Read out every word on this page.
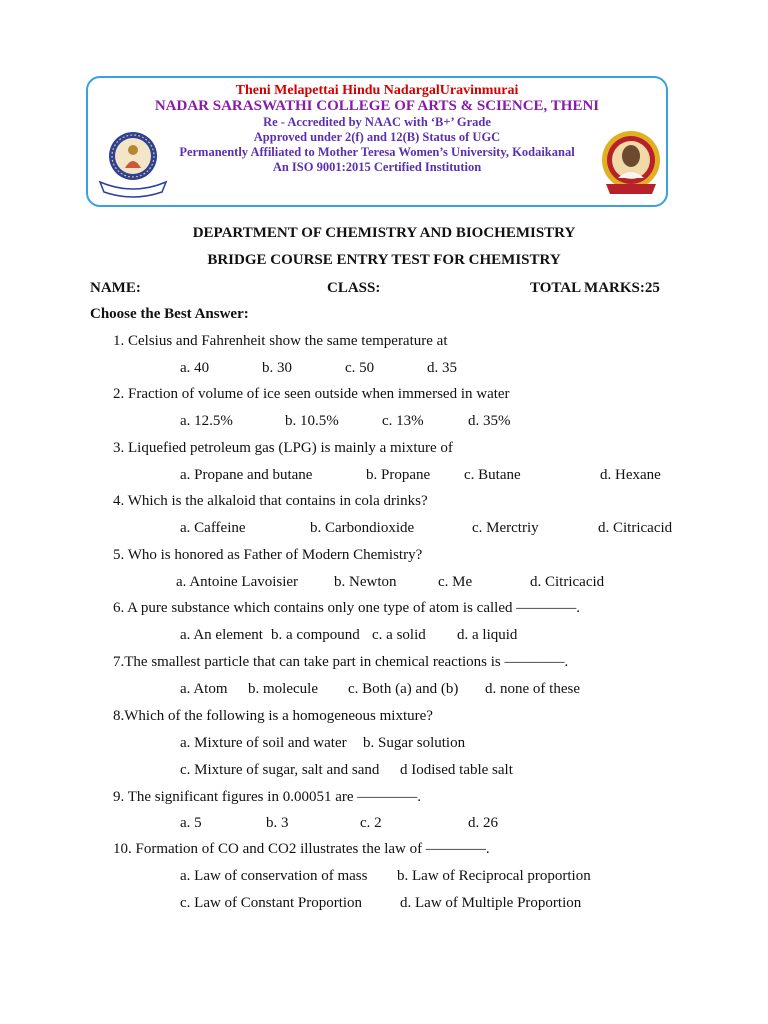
Theni Melapettai Hindu NadargalUravinmurai
NADAR SARASWATHI COLLEGE OF ARTS & SCIENCE, THENI
Re - Accredited by NAAC with ‘B+’ Grade
Approved under 2(f) and 12(B) Status of UGC
Permanently Affiliated to Mother Teresa Women’s University, Kodaikanal
An ISO 9001:2015 Certified Institution
DEPARTMENT OF CHEMISTRY AND BIOCHEMISTRY
BRIDGE COURSE ENTRY TEST FOR CHEMISTRY
NAME:	CLASS:	TOTAL MARKS:25
Choose the Best Answer:
1. Celsius and Fahrenheit show the same temperature at
a. 40	b. 30	c. 50	d. 35
2. Fraction of volume of ice seen outside when immersed in water
a. 12.5%	b. 10.5%	c. 13%	d. 35%
3. Liquefied petroleum gas (LPG) is mainly a mixture of
a. Propane and butane	b. Propane c. Butane	d. Hexane
4. Which is the alkaloid that contains in cola drinks?
a. Caffeine	b. Carbondioxide	c. Merctriy	d. Citricacid
5. Who is honored as Father of Modern Chemistry?
a. Antoine Lavoisier b. Newton	c. Me	d. Citricacid
6. A pure substance which contains only one type of atom is called ————.
a. An element b. a compound c. a solid d. a liquid
7.The smallest particle that can take part in chemical reactions is ————.
a. Atom b. molecule c. Both (a) and (b) d. none of these
8.Which of the following is a homogeneous mixture?
a. Mixture of soil and water b. Sugar solution
c. Mixture of sugar, salt and sand d Iodised table salt
9. The significant figures in 0.00051 are ————.
a. 5	b. 3	c. 2	d. 26
10. Formation of CO and CO2 illustrates the law of ————.
a. Law of conservation of mass b. Law of Reciprocal proportion
c. Law of Constant Proportion	d. Law of Multiple Proportion
